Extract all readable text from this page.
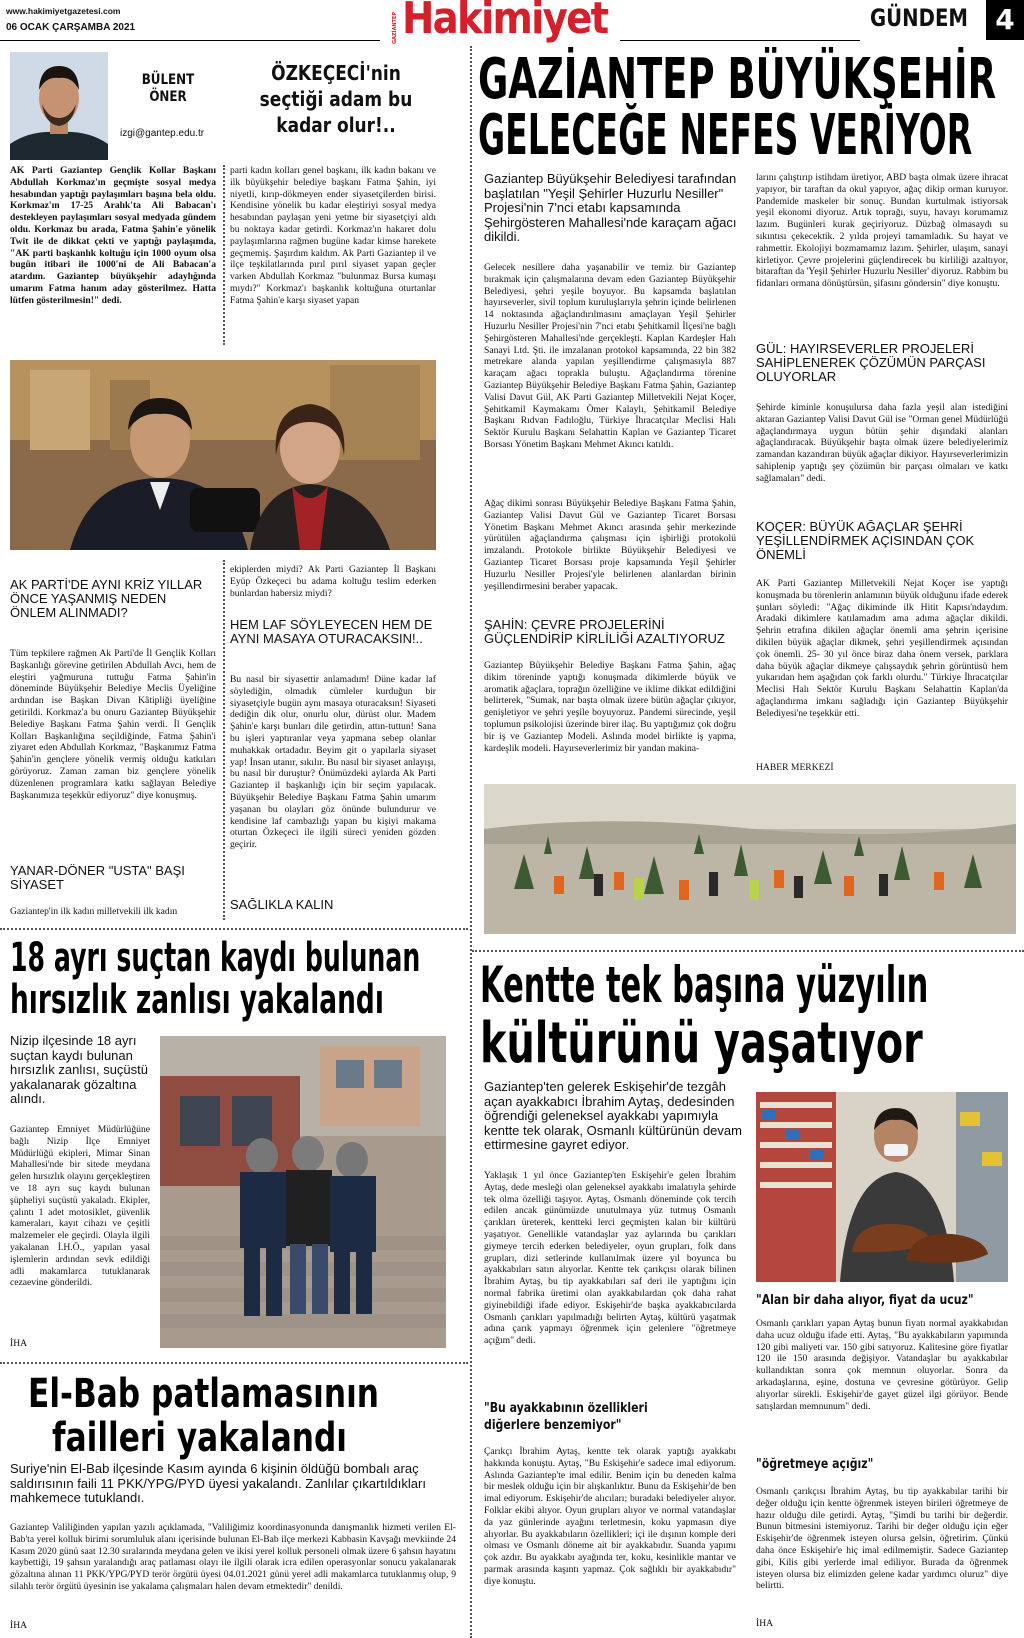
www.hakimiyetgazetesi.com
06 OCAK ÇARŞAMBA 2021	GAZİANTEP Hakimiyet	GÜNDEM 4
BÜLENT
ÖNER
izgi@gantep.edu.tr
ÖZKEÇECİ'nin seçtiği adam bu kadar olur!..
AK Parti Gaziantep Gençlik Kollar Başkanı Abdullah Korkmaz'ın geçmişte sosyal medya hesabından yaptığı paylaşımları başına bela oldu. Korkmaz'ın 17-25 Aralık'ta Ali Babacan'ı destekleyen paylaşımları sosyal medyada gündem oldu. Korkmaz bu arada, Fatma Şahin'e yönelik Twit ile de dikkat çekti ve yaptığı paylaşımda, "AK parti başkanlık koltuğu için 1000 oyum olsa bugün itibari ile 1000'ni de Ali Babacan'a atardım. Gaziantep büyükşehir adaylığında umarım Fatma hanım aday gösterilmez. Hatta lütfen gösterilmesin!" dedi.
parti kadın kolları genel başkanı, ilk kadın bakanı ve ilk büyükşehir belediye başkanı Fatma Şahin, iyi niyetli, kırıp-dökmeyen ender siyasetçilerden birisi. Kendisine yönelik bu kadar eleştiriyi sosyal medya hesabından paylaşan yeni yetme bir siyasetçiyi aldı bu noktaya kadar getirdi. Korkmaz'ın hakaret dolu paylaşımlarına rağmen bugüne kadar kimse harekete geçmemiş. Şaşırdım kaldım. Ak Parti Gaziantep il ve ilçe teşkilatlarında pırıl pırıl siyaset yapan geçler varken Abdullah Korkmaz "bulunmaz Bursa kumaşı mıydı?" Korkmaz'ı başkanlık koltuğuna oturtanlar Fatma Şahin'e karşı siyaset yapan
AK PARTİ'DE AYNI KRİZ YILLAR ÖNCE YAŞANMIŞ NEDEN ÖNLEM ALINMADI?
Tüm tepkilere rağmen Ak Parti'de İl Gençlik Kolları Başkanlığı görevine getirilen Abdullah Avcı, hem de eleştiri yağmuruna tuttuğu Fatma Şahin'in döneminde Büyükşehir Belediye Meclis Üyeliğine ardından ise Başkan Divan Kâtipliği üyeliğine getirildi. Korkmaz'a bu onuru Gaziantep Büyükşehir Belediye Başkanı Fatma Şahin verdi. İl Gençlik Kolları Başkanlığına seçildiğinde, Fatma Şahin'i ziyaret eden Abdullah Korkmaz, "Başkanımız Fatma Şahin'in gençlere yönelik vermiş olduğu katkıları görüyoruz. Zaman zaman biz gençlere yönelik düzenlenen programlara katkı sağlayan Belediye Başkanımıza teşekkür ediyoruz" diye konuşmuş.
YANAR-DÖNER "USTA" BAŞI SİYASET
Gaziantep'in ilk kadın milletvekili ilk kadın
ekiplerden miydi? Ak Parti Gaziantep İl Başkanı Eyüp Özkeçeci bu adama koltuğu teslim ederken bunlardan habersiz miydi?
HEM LAF SÖYLEYECEN HEM DE AYNI MASAYA OTURACAKSIN!..
Bu nasıl bir siyasettir anlamadım! Düne kadar laf söylediğin, olmadık cümleler kurduğun bir siyasetçiyle bugün aynı masaya oturacaksın! Siyaseti dediğin dik olur, onurlu olur, dürüst olur. Madem Şahin'e karşı bunları dile getirdin, attın-tuttun! Sana bu işleri yaptıranlar veya yapmana sebep olanlar muhakkak ortadadır. Beyim git o yapılarla siyaset yap! İnsan utanır, sıkılır. Bu nasıl bir siyaset anlayışı, bu nasıl bir duruştur? Önümüzdeki aylarda Ak Parti Gaziantep il başkanlığı için bir seçim yapılacak. Büyükşehir Belediye Başkanı Fatma Şahin umarım yaşanan bu olayları göz önünde bulundurur ve kendisine laf cambazlığı yapan bu kişiyi makama oturtan Özkeçeci ile ilgili süreci yeniden gözden geçirir.
SAĞLIKLA KALIN
GAZİANTEP BÜYÜKŞEHİR
GELECEĞE NEFES VERİYOR
Gaziantep Büyükşehir Belediyesi tarafından başlatılan "Yeşil Şehirler Huzurlu Nesiller" Projesi'nin 7'nci etabı kapsamında Şehirgösteren Mahallesi'nde karaçam ağacı dikildi.
Gelecek nesillere daha yaşanabilir ve temiz bir Gaziantep bırakmak için çalışmalarına devam eden Gaziantep Büyükşehir Belediyesi, şehri yeşile boyuyor. Bu kapsamda başlatılan hayırseverler, sivil toplum kuruluşlarıyla şehrin içinde belirlenen 14 noktasında ağaçlandırılmasını amaçlayan Yeşil Şehirler Huzurlu Nesiller Projesi'nin 7'nci etabı Şehitkamil İlçesi'ne bağlı Şehirgösteren Mahallesi'nde gerçekleşti. Kaplan Kardeşler Halı Sanayi Ltd. Şti. ile imzalanan protokol kapsamında, 22 bin 382 metrekare alanda yapılan yeşillendirme çalışmasıyla 887 karaçam ağacı toprakla buluştu. Ağaçlandırma törenine Gaziantep Büyükşehir Belediye Başkanı Fatma Şahin, Gaziantep Valisi Davut Gül, AK Parti Gaziantep Milletvekili Nejat Koçer, Şehitkamil Kaymakamı Ömer Kalaylı, Şehitkamil Belediye Başkanı Rıdvan Fadıloğlu, Türkiye İhracatçılar Meclisi Halı Sektör Kurulu Başkanı Selahattin Kaplan ve Gaziantep Ticaret Borsası Yönetim Başkanı Mehmet Akıncı katıldı.
Ağaç dikimi sonrası Büyükşehir Belediye Başkanı Fatma Şahin, Gaziantep Valisi Davut Gül ve Gaziantep Ticaret Borsası Yönetim Başkanı Mehmet Akıncı arasında şehir merkezinde yürütülen ağaçlandırma çalışması için işbirliği protokolü imzalandı. Protokole birlikte Büyükşehir Belediyesi ve Gaziantep Ticaret Borsası proje kapsamında Yeşil Şehirler Huzurlu Nesiller Projesi'yle belirlenen alanlardan birinin yeşillendirmesini beraber yapacak.
ŞAHİN: ÇEVRE PROJELERİNİ GÜÇLENDİRİP KİRLİLİĞİ AZALTIYORUZ
Gaziantep Büyükşehir Belediye Başkanı Fatma Şahin, ağaç dikim töreninde yaptığı konuşmada dikimlerde büyük ve aromatik ağaçlara, toprağın özelliğine ve iklime dikkat edildiğini belirterek, "Sumak, nar başta olmak üzere bütün ağaçlar çıkıyor, genişletiyor ve şehri yeşile boyuyoruz. Pandemi sürecinde, yeşil toplumun psikolojisi üzerinde birer ilaç. Bu yaptığımız çok doğru bir iş ve Gaziantep Modeli. Aslında model birlikte iş yapma, kardeşlik modeli. Hayırseverlerimiz bir yandan makina-
larını çalıştırıp istihdam üretiyor, ABD başta olmak üzere ihracat yapıyor, bir taraftan da okul yapıyor, ağaç dikip orman kuruyor. Pandemide maskeler bir sonuç. Bundan kurtulmak istiyorsak yeşil ekonomi diyoruz. Artık toprağı, suyu, havayı korumamız lazım. Bugünleri kurak geçiriyoruz. Düzbağ olmasaydı su sıkıntısı çekecektik. 2 yılda projeyi tamamladık. Su hayat ve rahmettir. Ekolojiyi bozmamamız lazım. Şehirler, ulaşım, sanayi kirletiyor. Çevre projelerini güçlendirecek bu kirliliği azaltıyor, bitaraftan da 'Yeşil Şehirler Huzurlu Nesiller' diyoruz. Rabbim bu fidanları ormana dönüştürsün, şifasını göndersin" diye konuştu.
GÜL: HAYIRSEVERLER PROJELERİ SAHİPLENEREK ÇÖZÜMÜN PARÇASI OLUYORLAR
Şehirde kiminle konuşulursa daha fazla yeşil alan istediğini aktaran Gaziantep Valisi Davut Gül ise "Orman genel Müdürlüğü ağaçlandırmaya uygun bütün şehir dışındaki alanları ağaçlandıracak. Büyükşehir başta olmak üzere belediyelerimiz zamandan kazandıran büyük ağaçlar dikiyor. Hayırseverlerimizin sahiplenip yaptığı şey çözümün bir parçası olmaları ve katkı sağlamaları" dedi.
KOÇER: BÜYÜK AĞAÇLAR ŞEHRİ YEŞİLLENDİRMEK AÇISINDAN ÇOK ÖNEMLİ
AK Parti Gaziantep Milletvekili Nejat Koçer ise yaptığı konuşmada bu törenlerin anlamının büyük olduğunu ifade ederek şunları söyledi: "Ağaç dikiminde ilk Hitit Kapısı'ndaydım. Aradaki dikimlere katılamadım ama adıma ağaçlar dikildi. Şehrin etrafına dikilen ağaçlar önemli ama şehrin içerisine dikilen büyük ağaçlar dikmek, şehri yeşillendirmek açısından çok önemli. 25- 30 yıl önce biraz daha önem versek, parklara daha büyük ağaçlar dikmeye çalışsaydık şehrin görüntüsü hem yukarıdan hem aşağıdan çok farklı olurdu." Türkiye İhracatçılar Meclisi Halı Sektör Kurulu Başkanı Selahattin Kaplan'da ağaçlandırma imkanı sağladığı için Gaziantep Büyükşehir Belediyesi'ne teşekkür etti.
HABER MERKEZİ
18 ayrı suçtan kaydı bulunan
hırsızlık zanlısı yakalandı
Nizip ilçesinde 18 ayrı suçtan kaydı bulunan hırsızlık zanlısı, suçüstü yakalanarak gözaltına alındı.
Gaziantep Emniyet Müdürlüğüne bağlı Nizip İlçe Emniyet Müdürlüğü ekipleri, Mimar Sinan Mahallesi'nde bir sitede meydana gelen hırsızlık olayını gerçekleştiren ve 18 ayrı suç kaydı bulunan şüpheliyi suçüstü yakaladı. Ekipler, çalıntı 1 adet motosiklet, güvenlik kameraları, kayıt cihazı ve çeşitli malzemeler ele geçirdi. Olayla ilgili yakalanan İ.H.Ö., yapılan yasal işlemlerin ardından sevk edildiği adli makamlarca tutuklanarak cezaevine gönderildi.
İHA
El-Bab patlamasının
failleri yakalandı
Suriye'nin El-Bab ilçesinde Kasım ayında 6 kişinin öldüğü bombalı araç saldırısının faili 11 PKK/YPG/PYD üyesi yakalandı. Zanlılar çıkartıldıkları mahkemece tutuklandı.
Gaziantep Valiliğinden yapılan yazılı açıklamada, "Valiliğimiz koordinasyonunda danışmanlık hizmeti verilen El-Bab'ta yerel kolluk birimi sorumluluk alanı içerisinde bulunan El-Bab ilçe merkezi Kabbasin Kavşağı mevkiinde 24 Kasım 2020 günü saat 12.30 sıralarında meydana gelen ve ikisi yerel kolluk personeli olmak üzere 6 şahsın hayatını kaybettiği, 19 şahsın yaralandığı araç patlaması olayı ile ilgili olarak icra edilen operasyonlar sonucu yakalanarak gözaltına alınan 11 PKK/YPG/PYD terör örgütü üyesi 04.01.2021 günü yerel adli makamlarca tutuklanmış olup, 9 silahlı terör örgütü üyesinin ise yakalama çalışmaları halen devam etmektedir" denildi.
İHA
Kentte tek başına yüzyılın
kültürünü yaşatıyor
Gaziantep'ten gelerek Eskişehir'de tezgâh açan ayakkabıcı İbrahim Aytaş, dedesinden öğrendiği geleneksel ayakkabı yapımıyla kentte tek olarak, Osmanlı kültürünün devam ettirmesine gayret ediyor.
Yaklaşık 1 yıl önce Gaziantep'ten Eskişehir'e gelen İbrahim Aytaş, dede mesleği olan geleneksel ayakkabı imalatıyla şehirde tek olma özelliği taşıyor. Aytaş, Osmanlı döneminde çok tercih edilen ancak günümüzde unutulmaya yüz tutmuş Osmanlı çarıkları üreterek, kentteki lerci geçmişten kalan bir kültürü yaşatıyor. Genellikle vatandaşlar yaz aylarında bu çarıkları giymeye tercih ederken belediyeler, oyun grupları, folk dans grupları, dizi setlerinde kullanılmak üzere yıl boyunca bu ayakkabıları satın alıyorlar. Kentte tek çarıkçısı olarak bilinen İbrahim Aytaş, bu tip ayakkabıları saf deri ile yaptığını için normal fabrika üretimi olan ayakkabılardan çok daha rahat giyinebildiği ifade ediyor. Eskişehir'de başka ayakkabıcılarda Osmanlı çarıkları yapılmadığı belirten Aytaş, kültürü yaşatmak adına çarık yapmayı öğrenmek için gelenlere "öğretmeye açığım" dedi.
"Bu ayakkabının özellikleri diğerlere benzemiyor"
Çarıkçı İbrahim Aytaş, kentte tek olarak yaptığı ayakkabı hakkında konuştu. Aytaş, "Bu Eskişehir'e sadece imal ediyorum. Aslında Gaziantep'te imal edilir. Benim için bu deneden kalma bir meslek olduğu için bir alışkanlıktır. Bunu da Eskişehir'de ben imal ediyorum. Eskişehir'de alıcıları; buradaki belediyeler alıyor. Folklar ekibi alıyor. Oyun grupları alıyor ve normal vatandaşlar da yaz günlerinde ayağını terletmesin, koku yapmasın diye alıyorlar. Bu ayakkabıların özellikleri; içi ile dışının komple deri olması ve Osmanlı döneme ait bir ayakkabıdır. Suanda yapımı çok azdır. Bu ayakkabı ayağında ter, koku, kesinlikle mantar ve parmak arasında kaşıntı yapmaz. Çok sağlıklı bir ayakkabıdır" diye konuştu.
"Alan bir daha alıyor, fiyat da ucuz"
Osmanlı çarıkları yapan Aytaş bunun fiyatı normal ayakkabıdan daha ucuz olduğu ifade etti. Aytaş, "Bu ayakkabıların yapımında 120 gibi maliyeti var. 150 gibi satıyoruz. Kalitesine göre fiyatlar 120 ile 150 arasında değişiyor. Vatandaşlar bu ayakkabılar kullandıktan sonra çok memnun oluyorlar. Sonra da arkadaşlarına, eşine, dostuna ve çevresine götürüyor. Gelip alıyorlar sürekli. Eskişehir'de gayet güzel ilgi görüyor. Bende satışlardan memnunum" dedi.
"öğretmeye açığız"
Osmanlı çarıkçısı İbrahim Aytaş, bu tip ayakkabılar tarihi bir değer olduğu için kentte öğrenmek isteyen birileri öğretmeye de hazır olduğu dile getirdi. Aytaş, "Şimdi bu tarihi bir değerdir. Bunun bitmesini istemiyoruz. Tarihi bir değer olduğu için eğer Eskişehir'de öğrenmek isteyen olursa gelsin, öğretirim. Çünkü daha önce Eskişehir'e hiç imal edilmemiştir. Sadece Gaziantep gibi, Kilis gibi yerlerde imal ediliyor. Burada da öğrenmek isteyen olursa biz elimizden gelene kadar yardımcı oluruz" diye belirtti.
İHA
